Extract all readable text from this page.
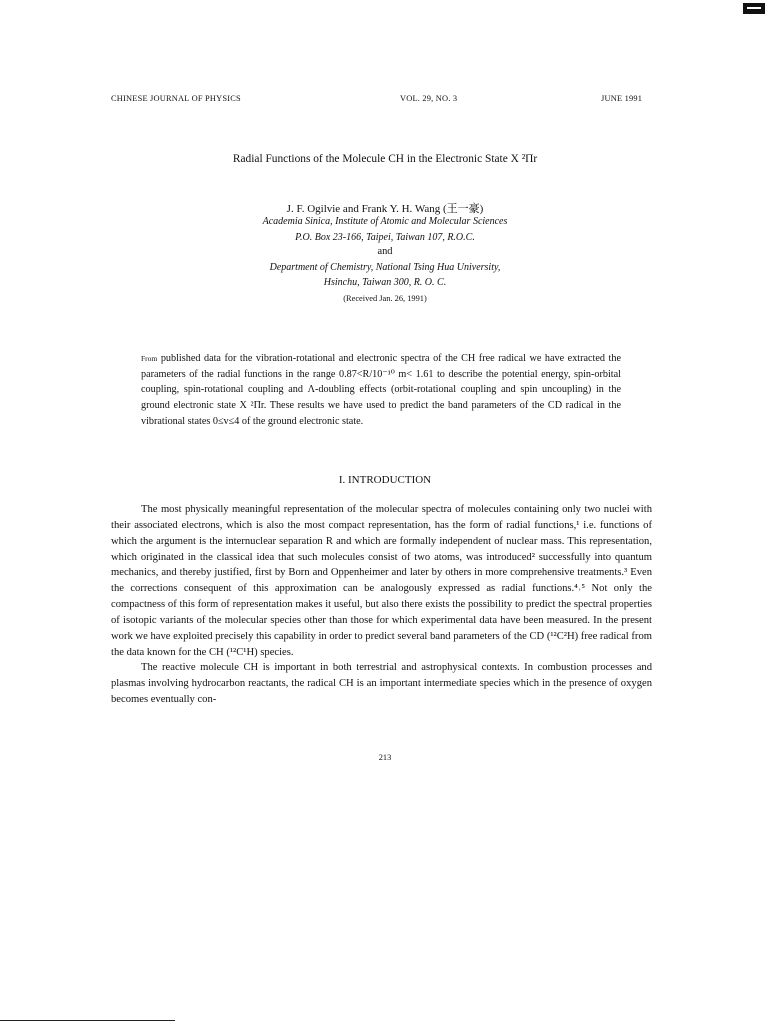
CHINESE JOURNAL OF PHYSICS	VOL. 29, NO. 3	JUNE 1991
Radial Functions of the Molecule CH in the Electronic State X ²Πr
J. F. Ogilvie and Frank Y. H. Wang (王一豪)
Academia Sinica, Institute of Atomic and Molecular Sciences
P.O. Box 23-166, Taipei, Taiwan 107, R.O.C.
and
Department of Chemistry, National Tsing Hua University,
Hsinchu, Taiwan 300, R. O. C.
(Received Jan. 26, 1991)
From published data for the vibration-rotational and electronic spectra of the CH free radical we have extracted the parameters of the radial functions in the range 0.87<R/10⁻¹⁰ m< 1.61 to describe the potential energy, spin-orbital coupling, spin-rotational coupling and Λ-doubling effects (orbit-rotational coupling and spin uncoupling) in the ground electronic state X ²Πr. These results we have used to predict the band parameters of the CD radical in the vibrational states 0≤v≤4 of the ground electronic state.
I. INTRODUCTION

The most physically meaningful representation of the molecular spectra of molecules containing only two nuclei with their associated electrons, which is also the most compact representation, has the form of radial functions,¹ i.e. functions of which the argument is the internuclear separation R and which are formally independent of nuclear mass. This representation, which originated in the classical idea that such molecules consist of two atoms, was introduced² successfully into quantum mechanics, and thereby justified, first by Born and Oppenheimer and later by others in more comprehensive treatments.³ Even the corrections consequent of this approximation can be analogously expressed as radial functions.⁴˒⁵ Not only the compactness of this form of representation makes it useful, but also there exists the possibility to predict the spectral properties of isotopic variants of the molecular species other than those for which experimental data have been measured. In the present work we have exploited precisely this capability in order to predict several band parameters of the CD (¹²C²H) free radical from the data known for the CH (¹²C¹H) species.

The reactive molecule CH is important in both terrestrial and astrophysical contexts. In combustion processes and plasmas involving hydrocarbon reactants, the radical CH is an important intermediate species which in the presence of oxygen becomes eventually con-

213
